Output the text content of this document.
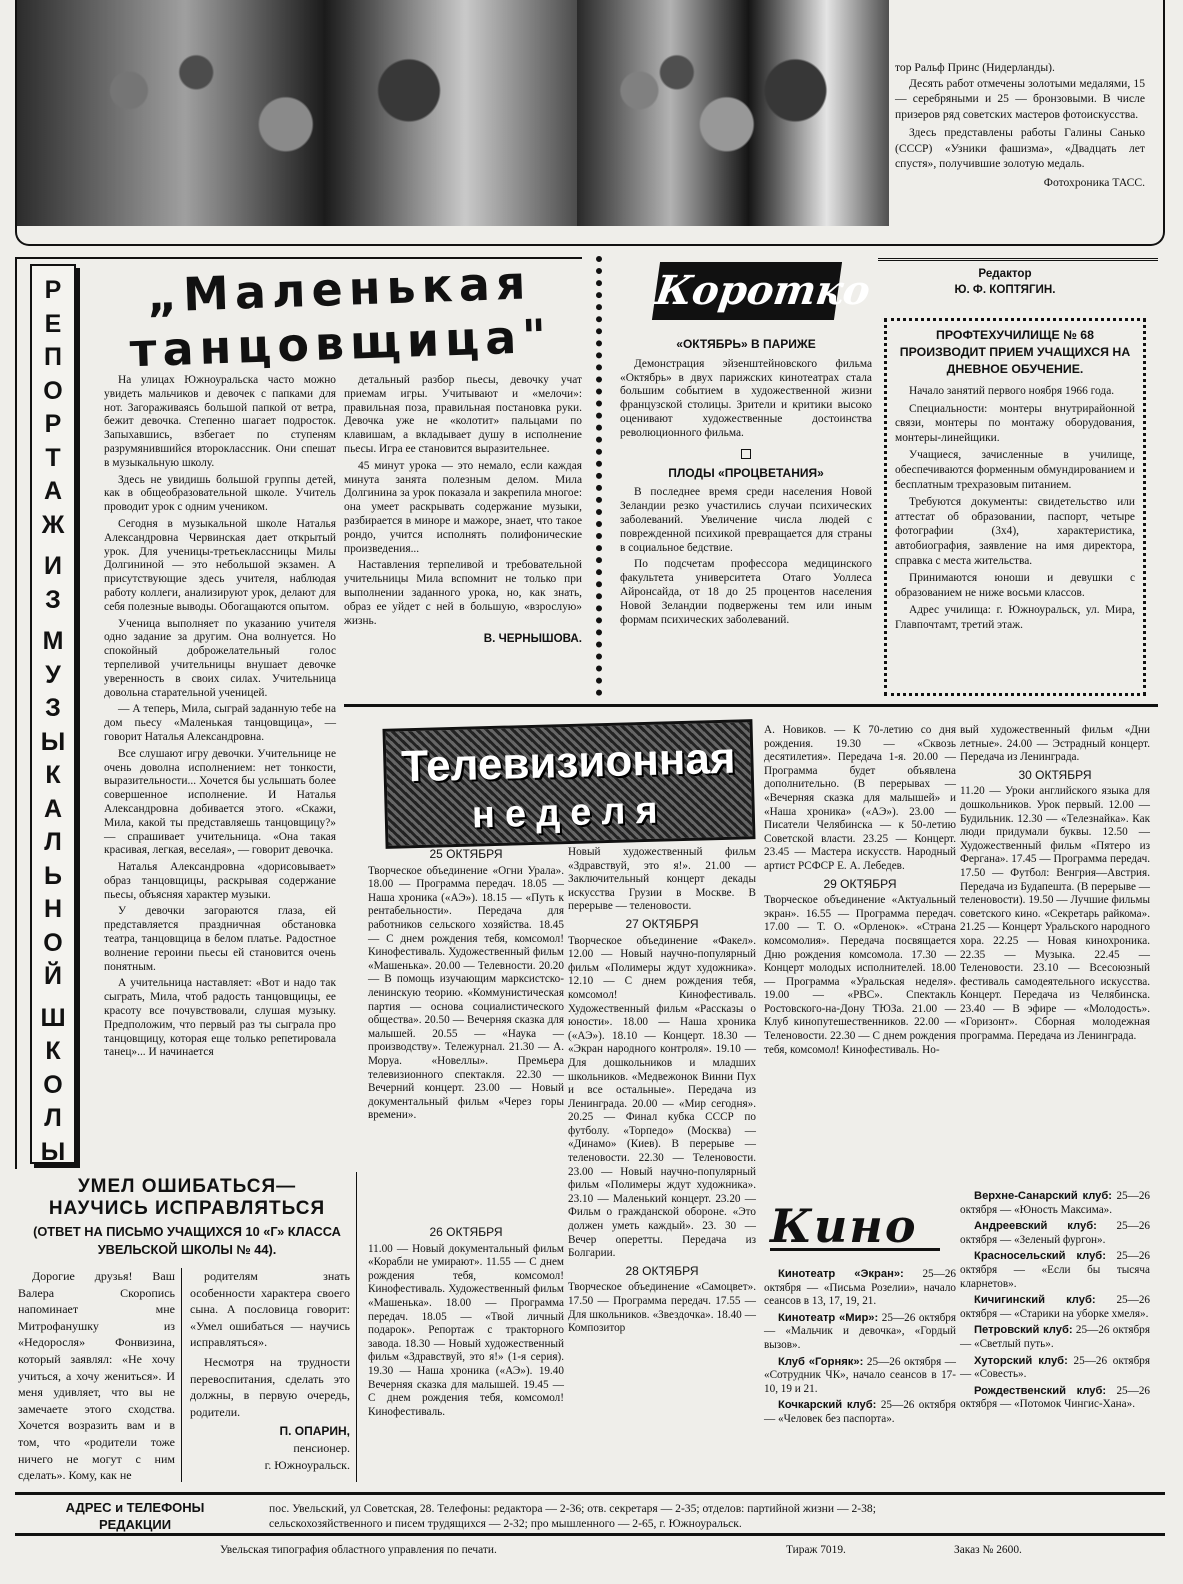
тор Ральф Принс (Нидерланды).

Десять работ отмечены золотыми медалями, 15 — серебряными и 25 — бронзовыми. В числе призеров ряд советских мастеров фотоискусства.

Здесь представлены работы Галины Санько (СССР) «Узники фашизма», «Двадцать лет спустя», получившие золотую медаль.

Фотохроника ТАСС.
Р
Е
П
О
Р
Т
А
Ж
И
З
М
У
З
Ы
К
А
Л
Ь
Н
О
Й
Ш
К
О
Л
Ы
„Маленькая
танцовщица"

На улицах Южноуральска часто можно увидеть мальчиков и девочек с папками для нот. Загораживаясь большой папкой от ветра, бежит девочка. Степенно шагает подросток. Запыхавшись, взбегает по ступеням разрумянившийся второклассник. Они спешат в музыкальную школу.

Здесь не увидишь большой группы детей, как в общеобразовательной школе. Учитель проводит урок с одним учеником.

Сегодня в музыкальной школе Наталья Александровна Червинская дает открытый урок. Для ученицы-третьеклассницы Милы Долгининой — это небольшой экзамен. А присутствующие здесь учителя, наблюдая работу коллеги, анализируют урок, делают для себя полезные выводы. Обогащаются опытом.

Ученица выполняет по указанию учителя одно задание за другим. Она волнуется. Но спокойный доброжелательный голос терпеливой учительницы внушает девочке уверенность в своих силах. Учительница довольна старательной ученицей.

— А теперь, Мила, сыграй заданную тебе на дом пьесу «Маленькая танцовщица», — говорит Наталья Александровна.

Все слушают игру девочки. Учительнице не очень доволна исполнением: нет тонкости, выразительности... Хочется бы услышать более совершенное исполнение. И Наталья Александровна добивается этого. «Скажи, Мила, какой ты представляешь танцовщицу?» — спрашивает учительница. «Она такая красивая, легкая, веселая», — говорит девочка.

Наталья Александровна «дорисовывает» образ танцовщицы, раскрывая содержание пьесы, объясняя характер музыки.

У девочки загораются глаза, ей представляется праздничная обстановка театра, танцовщица в белом платье. Радостное волнение героини пьесы ей становится очень понятным.

А учительница наставляет: «Вот и надо так сыграть, Мила, чтоб радость танцовщицы, ее красоту все почувствовали, слушая музыку. Предположим, что первый раз ты сыграла про танцовщицу, которая еще только репетировала танец»... И начинается

детальный разбор пьесы, девочку учат приемам игры. Учитывают и «мелочи»: правильная поза, правильная постановка руки. Девочка уже не «колотит» пальцами по клавишам, а вкладывает душу в исполнение пьесы. Игра ее становится выразительнее.

45 минут урока — это немало, если каждая минута занята полезным делом. Мила Долгинина за урок показала и закрепила многое: она умеет раскрывать содержание музыки, разбирается в миноре и мажоре, знает, что такое рондо, учится исполнять полифонические произведения...

Наставления терпеливой и требовательной учительницы Мила вспомнит не только при выполнении заданного урока, но, как знать, образ ее уйдет с ней в большую, «взрослую» жизнь.

В. ЧЕРНЫШОВА.
Коротко
«ОКТЯБРЬ» В ПАРИЖЕ

Демонстрация эйзенштейновского фильма «Октябрь» в двух парижских кинотеатрах стала большим событием в художественной жизни французской столицы. Зрители и критики высоко оценивают художественные достоинства революционного фильма.

ПЛОДЫ «ПРОЦВЕТАНИЯ»

В последнее время среди населения Новой Зеландии резко участились случаи психических заболеваний. Увеличение числа людей с поврежденной психикой превращается для страны в социальное бедствие.

По подсчетам профессора медицинского факультета университета Отаго Уоллеса Айронсайда, от 18 до 25 процентов населения Новой Зеландии подвержены тем или иным формам психических заболеваний.

Редактор
Ю. Ф. КОПТЯГИН.
ПРОФТЕХУЧИЛИЩЕ № 68 ПРОИЗВОДИТ ПРИЕМ УЧАЩИХСЯ НА ДНЕВНОЕ ОБУЧЕНИЕ.

Начало занятий первого ноября 1966 года.

Специальности: монтеры внутрирайонной связи, монтеры по монтажу оборудования, монтеры-линейщики.

Учащиеся, зачисленные в училище, обеспечиваются форменным обмундированием и бесплатным трехразовым питанием.

Требуются документы: свидетельство или аттестат об образовании, паспорт, четыре фотографии (3х4), характеристика, автобиография, заявление на имя директора, справка с места жительства.

Принимаются юноши и девушки с образованием не ниже восьми классов.

Адрес училища: г. Южноуральск, ул. Мира, Главпочтамт, третий этаж.

Телевизионная
неделя
25 ОКТЯБРЯ
Творческое объединение «Огни Урала». 18.00 — Программа передач. 18.05 — Наша хроника («АЭ»). 18.15 — «Путь к рентабельности». Передача для работников сельского хозяйства. 18.45 — С днем рождения тебя, комсомол! Кинофестиваль. Художественный фильм «Машенька». 20.00 — Телевности. 20.20 — В помощь изучающим марксистско-ленинскую теорию. «Коммунистическая партия — основа социалистического общества». 20.50 — Вечерняя сказка для малышей. 20.55 — «Наука — производству». Тележурнал. 21.30 — А. Моруа. «Новеллы». Премьера телевизионного спектакля. 22.30 — Вечерний концерт. 23.00 — Новый документальный фильм «Через горы времени».
26 ОКТЯБРЯ
11.00 — Новый документальный фильм «Корабли не умирают». 11.55 — С днем рождения тебя, комсомол! Кинофестиваль. Художественный фильм «Машенька». 18.00 — Программа передач. 18.05 — «Твой личный подарок». Репортаж с тракторного завода. 18.30 — Новый художественный фильм «Здравствуй, это я!» (1-я серия). 19.30 — Наша хроника («АЭ»). 19.40 Вечерняя сказка для малышей. 19.45 — С днем рождения тебя, комсомол! Кинофестиваль.
Новый художественный фильм «Здравствуй, это я!». 21.00 — Заключительный концерт декады искусства Грузии в Москве. В перерыве — теленовости.
27 ОКТЯБРЯ
Творческое объединение «Факел». 12.00 — Новый научно-популярный фильм «Полимеры ждут художника». 12.10 — С днем рождения тебя, комсомол! Кинофестиваль. Художественный фильм «Рассказы о юности». 18.00 — Наша хроника («АЭ»). 18.10 — Концерт. 18.30 — «Экран народного контроля». 19.10 — Для дошкольников и младших школьников. «Медвежонок Винни Пух и все остальные». Передача из Ленинграда. 20.00 — «Мир сегодня». 20.25 — Финал кубка СССР по футболу. «Торпедо» (Москва) — «Динамо» (Киев). В перерыве — теленовости. 22.30 — Теленовости. 23.00 — Новый научно-популярный фильм «Полимеры ждут художника». 23.10 — Маленький концерт. 23.20 — Фильм о гражданской обороне. «Это должен уметь каждый». 23. 30 — Вечер оперетты. Передача из Болгарии.
28 ОКТЯБРЯ
Творческое объединение «Самоцвет». 17.50 — Программа передач. 17.55 — Для школьников. «Звездочка». 18.40 — Композитор
А. Новиков. — К 70-летию со дня рождения. 19.30 — «Сквозь десятилетия». Передача 1-я. 20.00 — Программа будет объявлена дополнительно. (В перерывах — «Вечерняя сказка для малышей» и «Наша хроника» («АЭ»). 23.00 — Писатели Челябинска — к 50-летию Советской власти. 23.25 — Концерт. 23.45 — Мастера искусств. Народный артист РСФСР Е. А. Лебедев.
29 ОКТЯБРЯ
Творческое объединение «Актуальный экран». 16.55 — Программа передач. 17.00 — Т. О. «Орленок». «Страна комсомолия». Передача посвящается Дню рождения комсомола. 17.30 — Концерт молодых исполнителей. 18.00 — Программа «Уральская неделя». 19.00 — «РВС». Спектакль Ростовского-на-Дону ТЮЗа. 21.00 — Клуб кинопутешественников. 22.00 — Теленовости. 22.30 — С днем рождения тебя, комсомол! Кинофестиваль. Но-
вый художественный фильм «Дни летные». 24.00 — Эстрадный концерт. Передача из Ленинграда.
30 ОКТЯБРЯ
11.20 — Уроки английского языка для дошкольников. Урок первый. 12.00 — Будильник. 12.30 — «Телезнайка». Как люди придумали буквы. 12.50 — Художественный фильм «Пятеро из Фергана». 17.45 — Программа передач. 17.50 — Футбол: Венгрия—Австрия. Передача из Будапешта. (В перерыве — теленовости). 19.50 — Лучшие фильмы советского кино. «Секретарь райкома». 21.25 — Концерт Уральского народного хора. 22.25 — Новая кинохроника. 22.35 — Музыка. 22.45 — Теленовости. 23.10 — Всесоюзный фестиваль самодеятельного искусства. Концерт. Передача из Челябинска. 23.40 — В эфире — «Молодость». «Горизонт». Сборная молодежная программа. Передача из Ленинграда.
Кино

Кинотеатр «Экран»: 25—26 октября — «Письма Розелии», начало сеансов в 13, 17, 19, 21.

Кинотеатр «Мир»: 25—26 октября — «Мальчик и девочка», «Гордый вызов».

Клуб «Горняк»: 25—26 октября — «Сотрудник ЧК», начало сеансов в 17-10, 19 и 21.

Кочкарский клуб: 25—26 октября — «Человек без паспорта».

Верхне-Санарский клуб: 25—26 октября — «Юность Максима».

Андреевский клуб: 25—26 октября — «Зеленый фургон».

Красносельский клуб: 25—26 октября — «Если бы тысяча кларнетов».

Кичигинский клуб: 25—26 октября — «Старики на уборке хмеля».

Петровский клуб: 25—26 октября — «Светлый путь».

Хуторский клуб: 25—26 октября — «Совесть».

Рождественский клуб: 25—26 октября — «Потомок Чингис-Хана».

УМЕЛ ОШИБАТЬСЯ—
НАУЧИСЬ ИСПРАВЛЯТЬСЯ
(ОТВЕТ НА ПИСЬМО УЧАЩИХСЯ 10 «Г» КЛАССА УВЕЛЬСКОЙ ШКОЛЫ № 44).

Дорогие друзья! Ваш Валера Скоропись напоминает мне Митрофанушку из «Недоросля» Фонвизина, который заявлял: «Не хочу учиться, а хочу жениться». И меня удивляет, что вы не замечаете этого сходства. Хочется возразить вам и в том, что «родители тоже ничего не могут с ним сделать». Кому, как не

родителям знать особенности характера своего сына. А пословица говорит: «Умел ошибаться — научись исправляться».

Несмотря на трудности перевоспитания, сделать это должны, в первую очередь, родители.

П. ОПАРИН,
пенсионер.
г. Южноуральск.
АДРЕС и ТЕЛЕФОНЫ РЕДАКЦИИ
пос. Увельский, ул Советская, 28. Телефоны: редактора — 2-36; отв. секретаря — 2-35; отделов: партийной жизни — 2-38;
сельскохозяйственного и писем трудящихся — 2-32; про мышленного — 2-65, г. Южноуральск.
Увельская типография областного управления по печати.	Тираж 7019.	Заказ № 2600.
